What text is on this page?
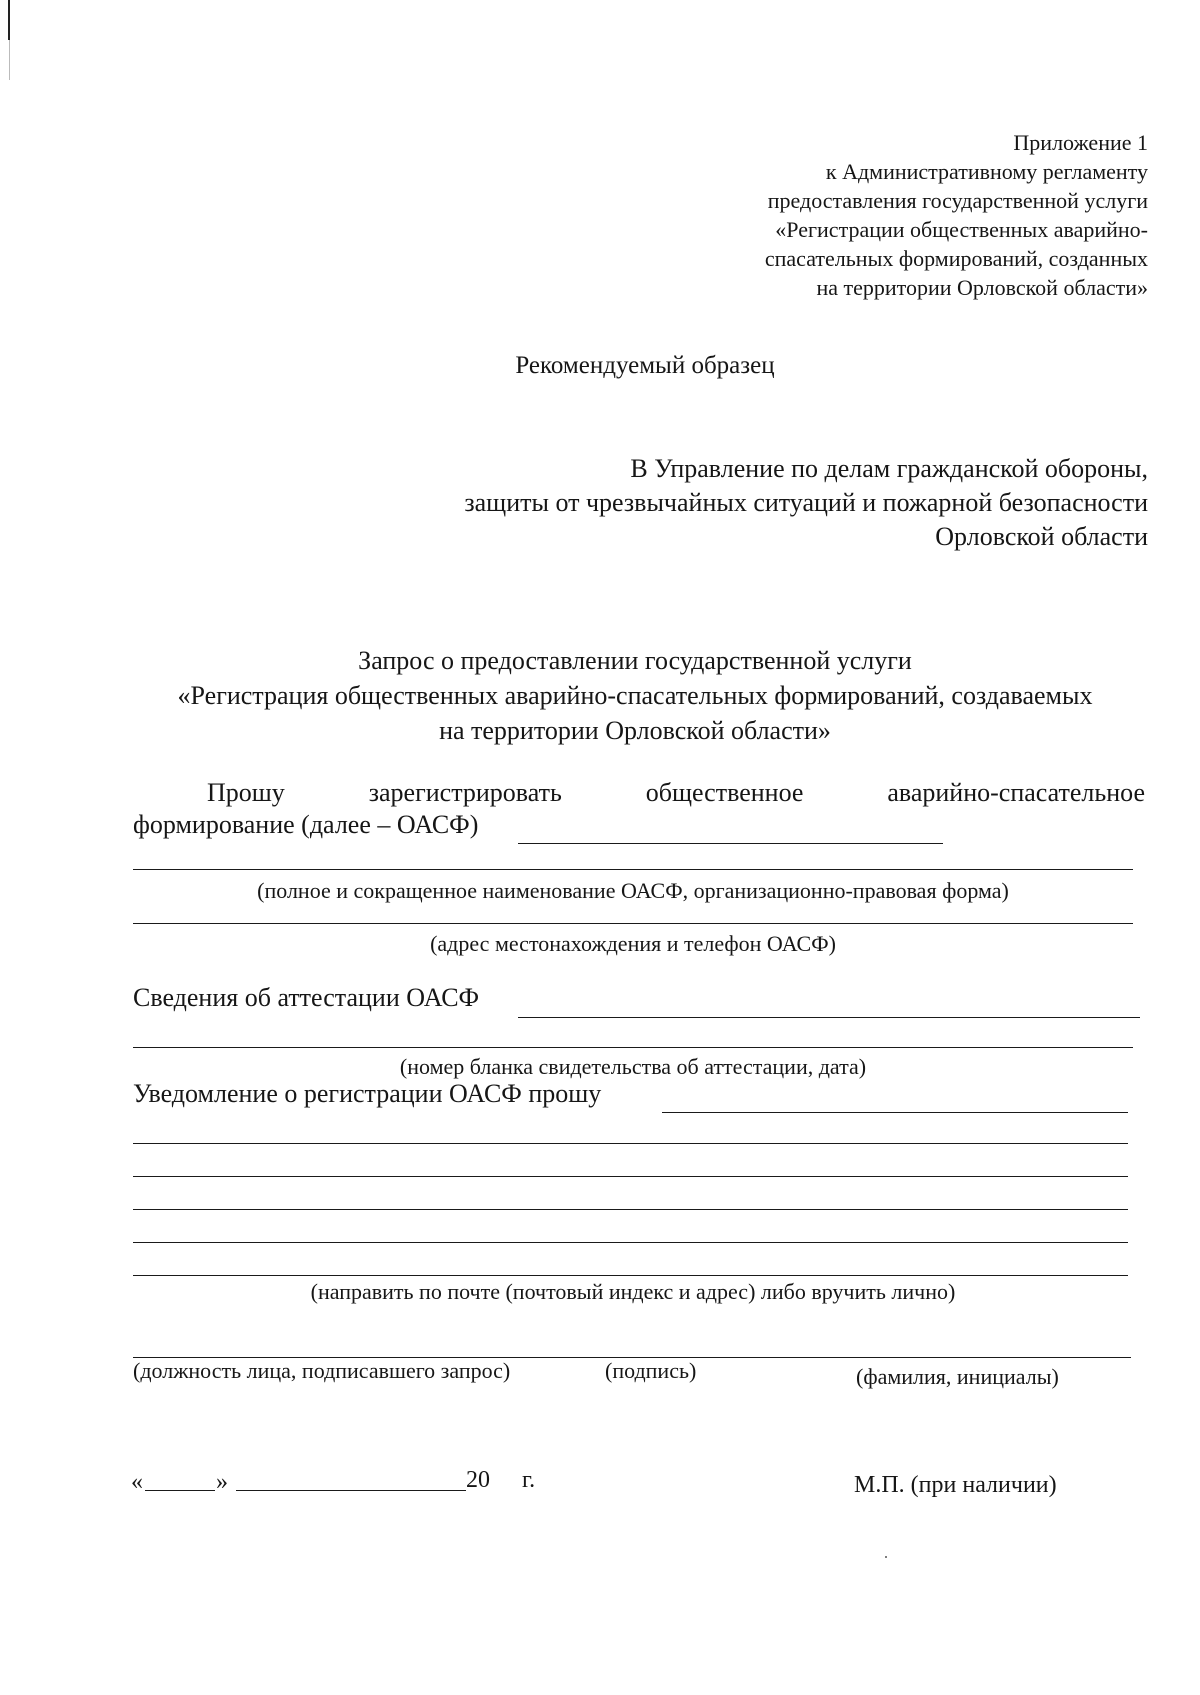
Приложение 1
к Административному регламенту
предоставления государственной услуги
«Регистрации общественных аварийно-
спасательных формирований, созданных
на территории Орловской области»
Рекомендуемый образец
В Управление по делам гражданской обороны,
защиты от чрезвычайных ситуаций и пожарной безопасности
Орловской области
Запрос о предоставлении государственной услуги
«Регистрация общественных аварийно-спасательных формирований, создаваемых
на территории Орловской области»
Прошу	зарегистрировать	общественное	аварийно-спасательное
формирование (далее – ОАСФ)
(полное и сокращенное наименование ОАСФ, организационно-правовая форма)
(адрес местонахождения и телефон ОАСФ)
Сведения об аттестации ОАСФ
(номер бланка свидетельства об аттестации, дата)
Уведомление о регистрации ОАСФ прошу
(направить по почте (почтовый индекс и адрес) либо вручить лично)
(должность лица, подписавшего запрос)	(подпись)	(фамилия, инициалы)
«	»	20 г.	М.П. (при наличии)
